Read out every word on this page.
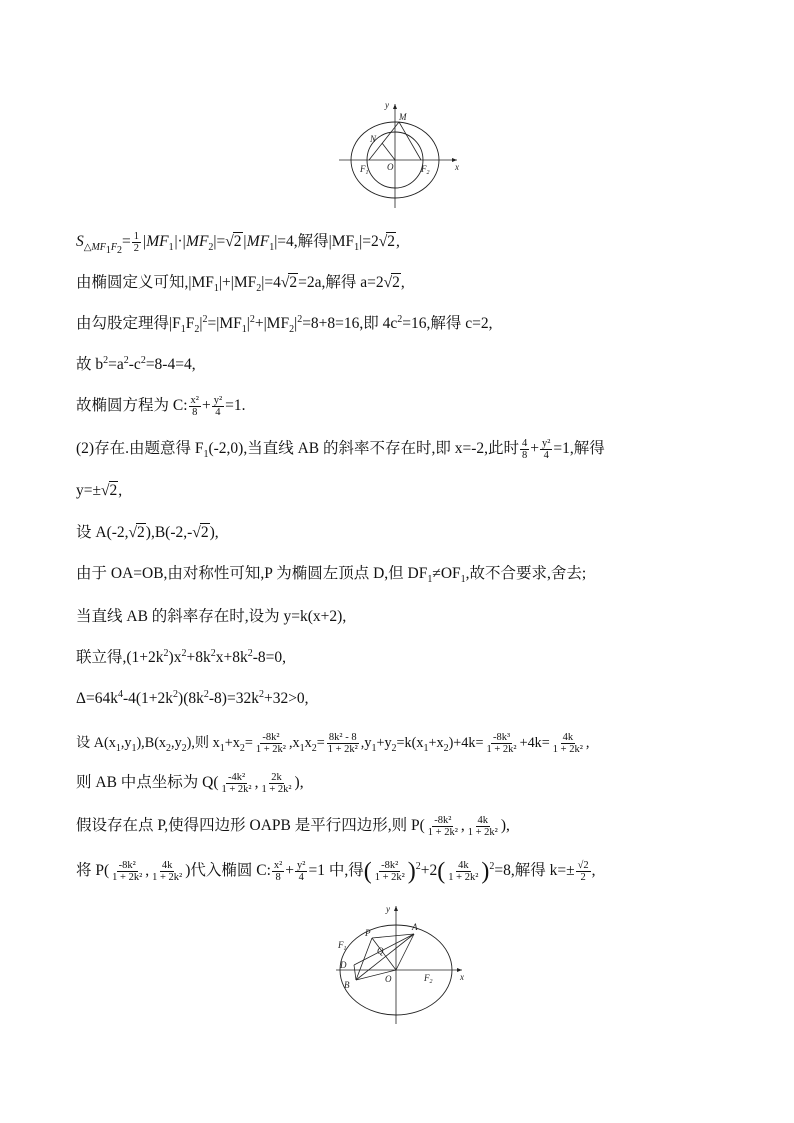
x
y
M
N
O
$F_1$	$F_2$
$S_{\triangle MF_1F_2}= \frac{1}{2} |MF_1|\cdot|MF_2|=√2|MF_1|=4$,解得$|MF_1|=2√2$,
由椭圆定义可知$,|MF_1|+|MF_2|=4√2=2a$,解得 a=2√2,
由勾股定理得$|F_1F_2|^2=|MF_1|^2+|MF_2|^2=8+8=16$,即 $4c^2=16$,解得 c=2,
故 $b^2=a^2-c^2=8-4=4$,
故椭圆方程为 C: $\frac{\text{x²}}{8} + \frac{\text{y²}}{4} =1$.
(2)存在.由题意得 $F_1(-2,0)$,当直线 AB 的斜率不存在时,即 x=-2,此时 $\frac{4}{8} + \frac{\text{y²}}{4} =1$,解得
y=±√2,
设 A(-2,√2),B(-2,-√2),
由于 OA=OB,由对称性可知,P 为椭圆左顶点 D,但 $DF_1\ne OF_1$,故不合要求,舍去;
当直线 AB 的斜率存在时,设为 y=k(x+2),
联立得$,(1+2k^2)x^2+8k^2x+8k^2-8=0$,
$\Delta=64k^4-4(1+2k^2)(8k^2-8)=32k^2+32>0$,
设 $A(x_1,y_1),B(x_2,y_2)$,则 $x_1+x_2= \frac{\text{-8k²}}{\text{1 + 2k²}} ,x_1x_2= \frac{\text{8k² - 8}}{\text{1 + 2k²}} ,y_1+y_2=k(x_1+x_2)+4k= \frac{\text{-8k³}}{\text{1 + 2k²}} +4k= \frac{4k}{\text{1 + 2k²}}$ ,
则 AB 中点坐标为 $Q( \frac{\text{-4k²}}{\text{1 + 2k²}}$ , $\frac{2k}{\text{1 + 2k²}}$ ),
假设存在点 P,使得四边形 OAPB 是平行四边形,则 $P( \frac{\text{-8k²}}{\text{1 + 2k²}}$ , $\frac{4k}{\text{1 + 2k²}}$ ),
将 $P( \frac{\text{-8k²}}{\text{1 + 2k²}}$ , $\frac{4k}{\text{1 + 2k²}}$ )代入椭圆 C: $\frac{\text{x²}}{8} + \frac{\text{y²}}{4} =1$ 中,得( $\frac{\text{-8k²}}{\text{1 + 2k²}} )^2+2( \frac{4k}{\text{1 + 2k²}} )^2=8$,解得 $k=\pm \frac{√2}{2}$ ,
x
y
A
P
Q
O
$F_1$
$F_2$
D
B
